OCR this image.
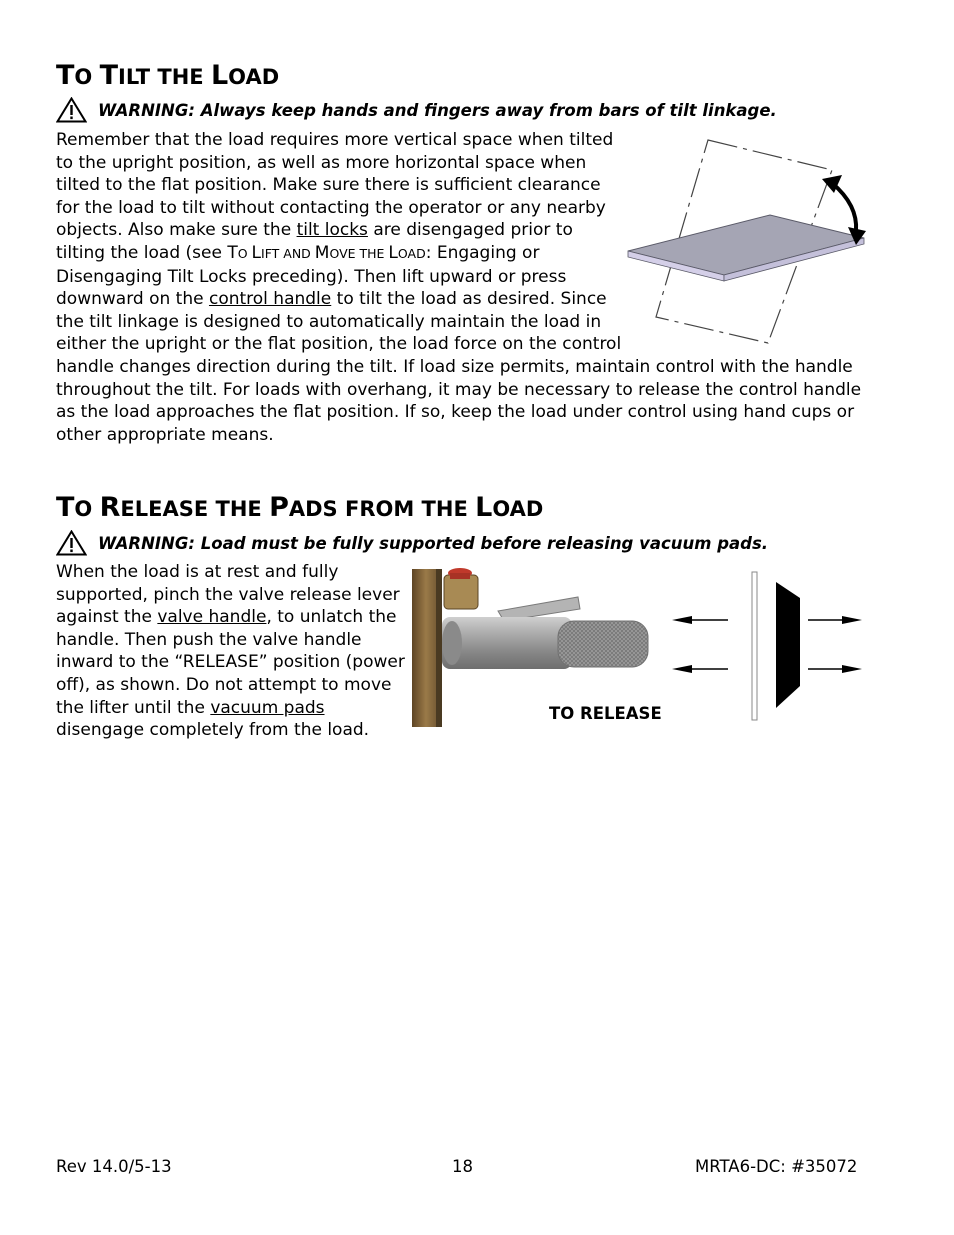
TO TILT THE LOAD
WARNING: Always keep hands and fingers away from bars of tilt linkage.
Remember that the load requires more vertical space when tilted
to the upright position, as well as more horizontal space when
tilted to the flat position. Make sure there is sufficient clearance
for the load to tilt without contacting the operator or any nearby
objects. Also make sure the tilt locks are disengaged prior to
tilting the load (see TO LIFT AND MOVE THE LOAD: Engaging or
Disengaging Tilt Locks preceding). Then lift upward or press
downward on the control handle to tilt the load as desired. Since
the tilt linkage is designed to automatically maintain the load in
either the upright or the flat position, the load force on the control
handle changes direction during the tilt. If load size permits, maintain control with the handle
throughout the tilt. For loads with overhang, it may be necessary to release the control handle
as the load approaches the flat position. If so, keep the load under control using hand cups or
other appropriate means.
TO RELEASE THE PADS FROM THE LOAD
WARNING: Load must be fully supported before releasing vacuum pads.
When the load is at rest and fully
supported, pinch the valve release lever
against the valve handle, to unlatch the
handle. Then push the valve handle
inward to the “RELEASE” position (power
off), as shown. Do not attempt to move
the lifter until the vacuum pads
disengage completely from the load.
TO RELEASE
Rev 14.0/5-13	18	MRTA6-DC: #35072
